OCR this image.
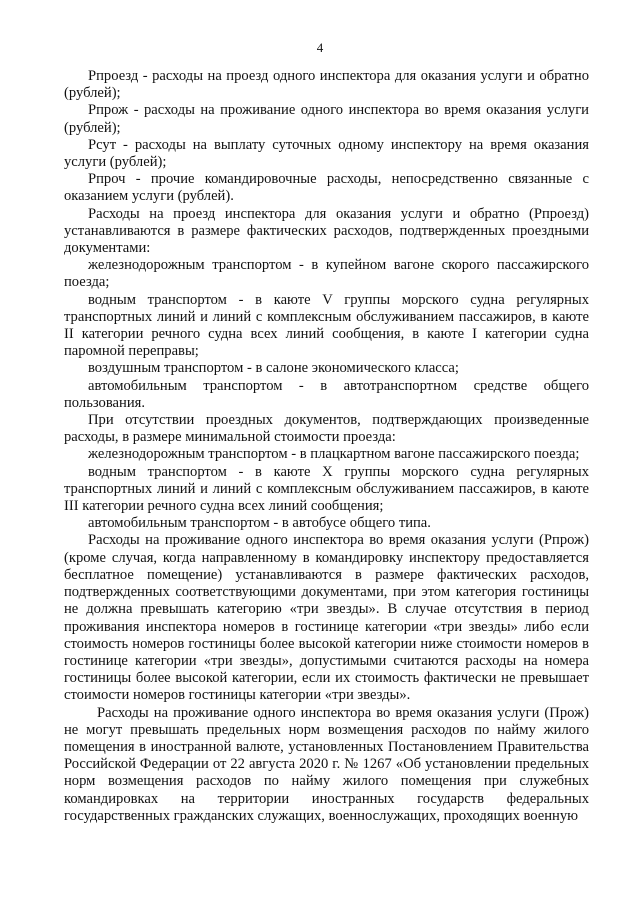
4

Рпроезд - расходы на проезд одного инспектора для оказания услуги и обратно (рублей);

Рпрож - расходы на проживание одного инспектора во время оказания услуги (рублей);

Рсут - расходы на выплату суточных одному инспектору на время оказания услуги (рублей);

Рпроч - прочие командировочные расходы, непосредственно связанные с оказанием услуги (рублей).

Расходы на проезд инспектора для оказания услуги и обратно (Рпроезд) устанавливаются в размере фактических расходов, подтвержденных проездными документами:

железнодорожным транспортом - в купейном вагоне скорого пассажирского поезда;

водным транспортом - в каюте V группы морского судна регулярных транспортных линий и линий с комплексным обслуживанием пассажиров, в каюте II категории речного судна всех линий сообщения, в каюте I категории судна паромной переправы;

воздушным транспортом - в салоне экономического класса;

автомобильным транспортом - в автотранспортном средстве общего пользования.

При отсутствии проездных документов, подтверждающих произведенные расходы, в размере минимальной стоимости проезда:

железнодорожным транспортом - в плацкартном вагоне пассажирского поезда;

водным транспортом - в каюте X группы морского судна регулярных транспортных линий и линий с комплексным обслуживанием пассажиров, в каюте III категории речного судна всех линий сообщения;

автомобильным транспортом - в автобусе общего типа.

Расходы на проживание одного инспектора во время оказания услуги (Рпрож) (кроме случая, когда направленному в командировку инспектору предоставляется бесплатное помещение) устанавливаются в размере фактических расходов, подтвержденных соответствующими документами, при этом категория гостиницы не должна превышать категорию «три звезды». В случае отсутствия в период проживания инспектора номеров в гостинице категории «три звезды» либо если стоимость номеров гостиницы более высокой категории ниже стоимости номеров в гостинице категории «три звезды», допустимыми считаются расходы на номера гостиницы более высокой категории, если их стоимость фактически не превышает стоимости номеров гостиницы категории «три звезды».

Расходы на проживание одного инспектора во время оказания услуги (Прож) не могут превышать предельных норм возмещения расходов по найму жилого помещения в иностранной валюте, установленных Постановлением Правительства Российской Федерации от 22 августа 2020 г. № 1267 «Об установлении предельных норм возмещения расходов по найму жилого помещения при служебных командировках на территории иностранных государств федеральных государственных гражданских служащих, военнослужащих, проходящих военную
